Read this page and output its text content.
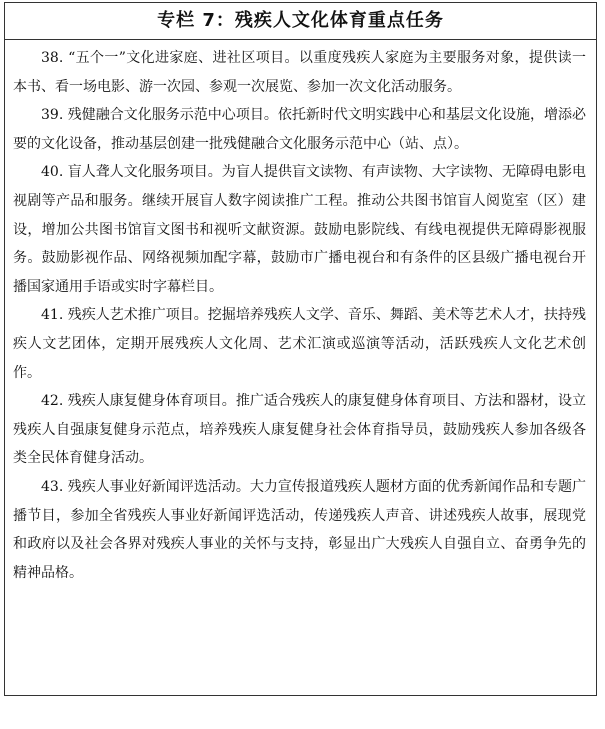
专栏 7：残疾人文化体育重点任务

38. “五个一”文化进家庭、进社区项目。以重度残疾人家庭为主要服务对象，提供读一本书、看一场电影、游一次园、参观一次展览、参加一次文化活动服务。

39. 残健融合文化服务示范中心项目。依托新时代文明实践中心和基层文化设施，增添必要的文化设备，推动基层创建一批残健融合文化服务示范中心（站、点）。

40. 盲人聋人文化服务项目。为盲人提供盲文读物、有声读物、大字读物、无障碍电影电视剧等产品和服务。继续开展盲人数字阅读推广工程。推动公共图书馆盲人阅览室（区）建设，增加公共图书馆盲文图书和视听文献资源。鼓励电影院线、有线电视提供无障碍影视服务。鼓励影视作品、网络视频加配字幕，鼓励市广播电视台和有条件的区县级广播电视台开播国家通用手语或实时字幕栏目。

41. 残疾人艺术推广项目。挖掘培养残疾人文学、音乐、舞蹈、美术等艺术人才，扶持残疾人文艺团体，定期开展残疾人文化周、艺术汇演或巡演等活动，活跃残疾人文化艺术创作。

42. 残疾人康复健身体育项目。推广适合残疾人的康复健身体育项目、方法和器材，设立残疾人自强康复健身示范点，培养残疾人康复健身社会体育指导员，鼓励残疾人参加各级各类全民体育健身活动。

43. 残疾人事业好新闻评选活动。大力宣传报道残疾人题材方面的优秀新闻作品和专题广播节目，参加全省残疾人事业好新闻评选活动，传递残疾人声音、讲述残疾人故事，展现党和政府以及社会各界对残疾人事业的关怀与支持，彰显出广大残疾人自强自立、奋勇争先的精神品格。
